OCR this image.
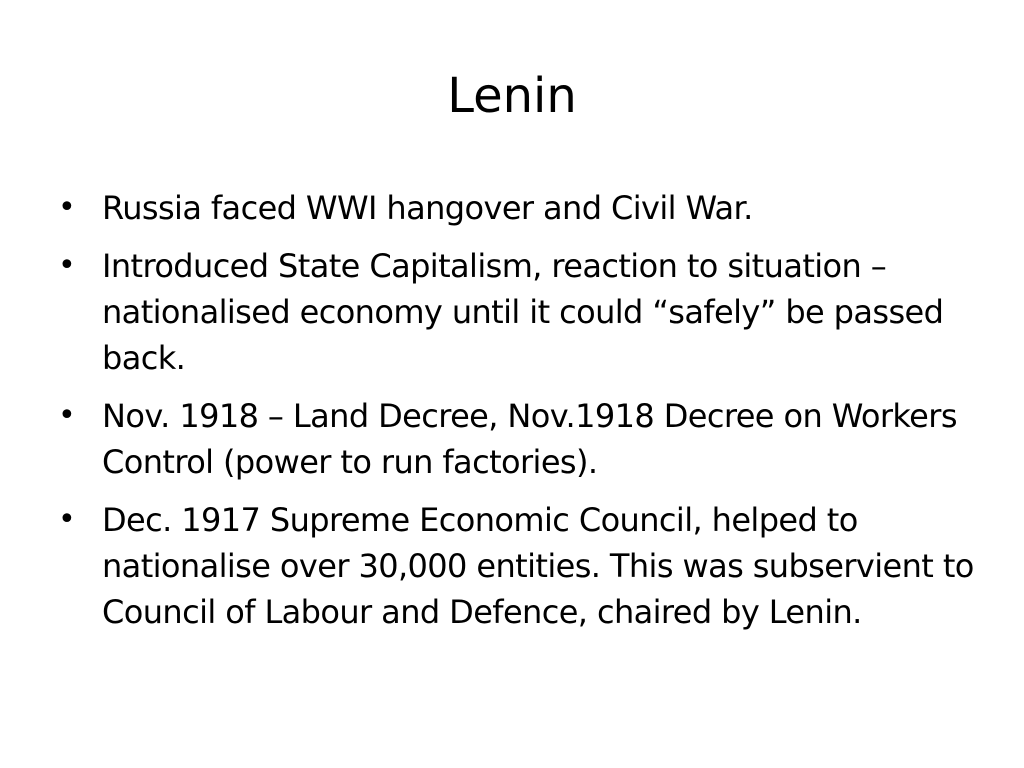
Lenin
• Russia faced WWI hangover and Civil War.
• Introduced State Capitalism, reaction to situation – nationalised economy until it could “safely” be passed back.
• Nov. 1918 – Land Decree, Nov.1918 Decree on Workers Control (power to run factories).
• Dec. 1917 Supreme Economic Council, helped to nationalise over 30,000 entities. This was subservient to Council of Labour and Defence, chaired by Lenin.
